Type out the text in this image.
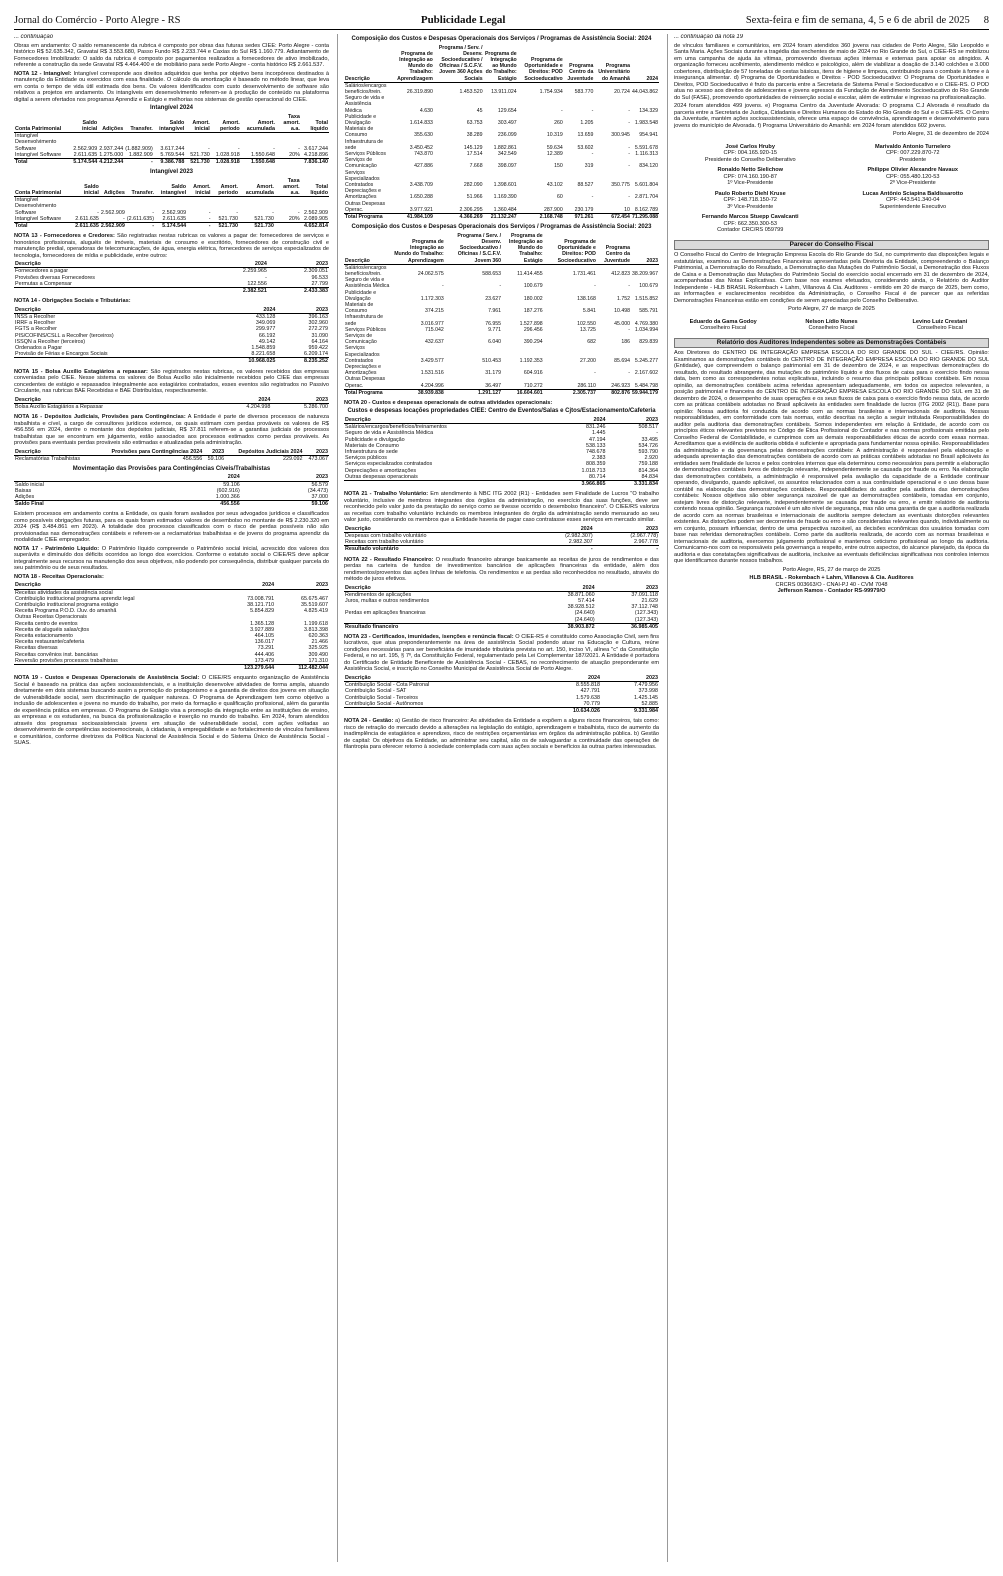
Jornal do Comércio - Porto Alegre - RS	Publicidade Legal	Sexta-feira e fim de semana, 4, 5 e 6 de abril de 2025 8
... continuação

Obras em andamento: O saldo remanescente da rubrica é composto por obras das futuras sedes CIEE: Porto Alegre - conta histórico R$ 52.635.342, Gravataí R$ 3.553.680, Passo Fundo R$ 2.233.744 e Caxias do Sul R$ 1.160.779. Adiantamento de Fornecedores Imobilizado: O saldo da rubrica é composto por pagamentos realizados a fornecedores de ativo imobilizado, referente a construção da sede Gravataí R$ 4.464.400 e de mobiliário para sede Porto Alegre - conta histórico R$ 2.661.537.

NOTA 12 - Intangível: Intangível corresponde aos direitos adquiridos que tenha por objetivo bens incorpóreos destinados à manutenção da Entidade ou exercidos com essa finalidade. O cálculo da amortização é baseado no método linear, que leva em conta o tempo de vida útil estimada dos bens. Os valores identificados com custo desenvolvimento de software são relativos a projetos em andamento. Os intangíveis em desenvolvimento referem-se à produção de conteúdo na plataforma digital a serem ofertados nos programas Aprendiz e Estágio e melhorias nos sistemas de gestão operacional do CIEE.

Intangível 2024
Conta Patrimonial	Saldo inicial	Adições	Transfer.	Saldo intangível	Amort. inicial	Amort. período	Amort. acumulada	Taxa amort. a.a.	Total líquido
Intangível Desenvolvimento Software	2.562.909	2.937.244	(1.882.909)	3.617.244	-	-	-	-	3.617.244
Intangível Software	2.611.635	1.275.000	1.882.909	5.769.544	521.730	1.028.918	1.550.648	20%	4.218.896
Total	5.174.544	4.212.244	-	9.386.788	521.730	1.028.918	1.550.648		7.836.140
Intangível 2023
Conta Patrimonial	Saldo inicial	Adições	Transfer.	Saldo intangível	Amort. inicial	Amort. período	Amort. acumulada	Taxa amort. a.a.	Total líquido
Intangível Desenvolvimento Software	-	2.562.909	-	2.562.909	-	-	-	-	2.562.909
Intangível Software	2.611.635	-	(2.611.635)	2.611.635	-	521.730	521.730	20%	2.089.905
Total	2.611.635	2.562.909	-	5.174.544	-	521.730	521.730		4.652.814

NOTA 13 - Fornecedores e Credores: São registradas nestas rubricas os valores a pagar de: fornecedores de serviços e honorários profissionais, aluguéis de imóveis, materiais de consumo e escritório, fornecedores de construção civil e manutenção predial, operadoras de telecomunicações, de água, energia elétrica, fornecedores de serviços especializados de tecnologia, fornecedores de mídia e publicidade, entre outros:

Descrição	2024	2023
Fornecedores a pagar	2.259.965	2.309.051
Provisões diversas Fornecedores	-	96.533
Permutas a Compensar	122.556	27.799
	2.382.521	2.433.383

NOTA 14 - Obrigações Sociais e Tributárias:

Descrição	2024	2023
INSS a Recolher	433.128	396.163
IRRF a Recolher	349.069	302.960
FGTS a Recolher	299.977	272.279
PIS/COFINS/CSLL a Recolher (terceiros)	66.192	31.090
ISSQN a Recolher (terceiros)	49.142	64.164
Ordenados a Pagar	1.548.859	959.422
Provisão de Férias e Encargos Sociais	8.221.658	6.209.174
	10.968.025	8.235.252

NOTA 15 - Bolsa Auxílio Estagiários a repassar: São registrados nestas rubricas, os valores recebidos das empresas conveniadas pelo CIEE. Nesse sistema os valores de Bolsa Auxílio são inicialmente recebidos pelo CIEE das empresas concedentes de estágio e repassados integralmente aos estagiários contratados, esses eventos são registrados no Passivo Circulante, nas rubricas BAE Recebidas e BAE Distribuídas, respectivamente.

Descrição	2024	2023
Bolsa Auxílio Estagiários a Repassar	4.204.998	5.286.700

NOTA 16 - Depósitos Judiciais, Provisões para Contingências: A Entidade é parte de diversos processos de natureza trabalhista e cível, a cargo de consultores jurídicos externos, os quais estimam com perdas prováveis os valores de R$ 456.556 em 2024, dentre o montante dos depósitos judiciais, R$ 37.811 referem-se a garantias judiciais de processos trabalhistas que se encontram em julgamento, estão associados aos processos estimados como perdas prováveis. As provisões para eventuais perdas prováveis são estimadas e atualizadas pela administração.

Descrição	Provisões para Contingências 2024	2023	Depósitos Judiciais 2024	2023
Reclamatórias Trabalhistas	456.556	59.106	229.092	473.067
Movimentação das Provisões para Contingências Cíveis/Trabalhistas
	2024	2023
Saldo inicial	59.106	56.579
Baixas	(602.916)	(34.473)
Adições	1.000.366	37.000
Saldo Final	456.556	59.106

Existem processos em andamento contra a Entidade, os quais foram avaliados por seus advogados jurídicos e classificados como possíveis obrigações futuras, para os quais foram estimados valores de desembolso no montante de R$ 2.230.320 em 2024 (R$ 3.484.861 em 2023). A totalidade dos processos classificados com o risco de perdas possíveis não são provisionadas nas demonstrações contábeis e referem-se a reclamatórias trabalhistas e de jovens do programa aprendiz da modalidade CIEE empregador.

NOTA 17 - Patrimônio Líquido: O Patrimônio líquido compreende o Patrimônio social inicial, acrescido dos valores dos superávits e diminuído dos déficits ocorridos ao longo dos exercícios. Conforme o estatuto social o CIEE/RS deve aplicar integralmente seus recursos na manutenção dos seus objetivos, não podendo por consequência, distribuir qualquer parcela do seu patrimônio ou de seus resultados.

NOTA 18 - Receitas Operacionais:

Descrição	2024	2023
Receitas atividades da assistência social		
Contribuição institucional programa aprendiz legal	73.008.791	65.675.467
Contribuição institucional programa estágio	38.121.710	35.519.607
Receita Programa P.O.D. /Juv. do amanhã	5.854.829	4.825.419
Outras Receitas Operacionais		
Receita centro de eventos	1.365.128	1.199.618
Receita de aluguéis salas/cjtos	3.927.889	3.813.398
Receita estacionamento	464.105	620.363
Receita restaurante/cafeteria	136.017	21.466
Receitas diversas	73.291	325.925
Receitas convênios inst. bancárias	444.406	309.490
Reversão provisões processos trabalhistas	173.479	171.310
	123.279.644	112.482.044

NOTA 19 - Custos e Despesas Operacionais de Assistência Social: O CIEE/RS enquanto organização de Assistência Social é baseado na prática das ações socioassistenciais, e a instituição desenvolve atividades de forma ampla, atuando diretamente em dois sistemas buscando assim a promoção do protagonismo e a garantia de direitos dos jovens em situação de vulnerabilidade social, sem discriminação de qualquer natureza. O Programa de Aprendizagem tem como objetivo a inclusão de adolescentes e jovens no mundo do trabalho, por meio da formação e qualificação profissional, além da garantia de experiência prática em empresas. O Programa de Estágio visa a promoção da integração entre as instituições de ensino, as empresas e os estudantes, na busca da profissionalização e inserção no mundo do trabalho. Em 2024, foram atendidos através dos programas socioassistenciais jovens em situação de vulnerabilidade social, com ações voltadas ao desenvolvimento de competências socioemocionais, à cidadania, à empregabilidade e ao fortalecimento de vínculos familiares e comunitários, conforme diretrizes da Política Nacional de Assistência Social e do Sistema Único de Assistência Social - SUAS.

Composição dos Custos e Despesas Operacionais dos Serviços / Programas de Assistência Social: 2024
Descrição	Programa de Integração ao Mundo do Trabalho: Aprendizagem	Programa / Serv. / Desenv. Socioeducativo / Oficinas / S.C.F.V. Jovem 360 Ações Sociais	Programa de Integração ao Mundo do Trabalho: Estágio	Programa de Oportunidade e Direitos: POD Socioeducativo	Programa Centro da Juventude	Programa Universitário do Amanhã	2024
Salários/encargos benefícios/trein.	26.319.890	1.453.520	13.911.024	1.754.934	583.770	20.724	44.043.862
Seguro de vida e Assistência Médica	4.630	45	129.654	-	-	-	134.329
Publicidade e Divulgação	1.614.833	63.753	303.497	260	1.205	-	1.983.548
Materiais de Consumo	355.630	38.289	236.099	10.319	13.659	300.945	954.941
Infraestrutura de sede	3.450.452	145.129	1.882.861	59.634	53.602	-	5.591.678
Serviços Públicos	743.870	17.514	342.549	12.389	-	-	1.116.313
Serviços de Comunicação	427.886	7.668	398.097	150	319	-	834.120
Serviços Especializados Contratados	3.438.709	282.090	1.398.601	43.102	88.527	350.775	5.601.804
Depreciações e Amortizações	1.650.288	51.966	1.169.390	60	-	-	2.871.704
Outras Despesas Operac.	3.977.921	2.306.295	1.360.484	287.900	230.179	10	8.162.789
Total Programa	41.984.109	4.366.269	21.132.247	2.168.748	971.261	672.454	71.295.088
Composição dos Custos e Despesas Operacionais dos Serviços / Programas de Assistência Social: 2023
Descrição	Programa de Integração ao Mundo do Trabalho: Aprendizagem	Programa / Serv. / Desenv. Socioeducativo / Oficinas / S.C.F.V. Jovem 360	Programa de Integração ao Mundo do Trabalho: Estágio	Programa de Oportunidade e Direitos: POD Socioeducativo	Programa Centro da Juventude	2023
Salários/encargos benefícios/trein.	24.062.575	588.653	11.414.455	1.731.461	412.823	38.209.967
Seguro de vida e Assistência Médica	-	-	100.679	-	-	100.679
Publicidade e Divulgação	1.172.303	23.627	180.002	138.168	1.752	1.515.852
Materiais de Consumo	374.215	7.961	187.276	5.841	10.498	585.791
Infraestrutura de sede	3.016.977	76.955	1.527.898	102.550	45.000	4.769.380
Serviços Públicos	715.042	9.771	296.456	13.725	-	1.034.994
Serviços de Comunicação	432.637	6.040	390.294	682	186	829.839
Serviços Especializados Contratados	3.429.577	510.453	1.192.353	27.200	85.694	5.245.277
Depreciações e Amortizações	1.531.516	31.179	604.916	-	-	2.167.602
Outras Despesas Operac.	4.204.996	36.497	710.272	286.110	246.923	5.484.798
Total Programa	38.939.838	1.291.127	16.604.601	2.305.737	802.876	59.944.179

NOTA 20 - Custos e despesas operacionais de outras atividades operacionais:

Custos e despesas locações propriedades CIEE: Centro de Eventos/Salas e Cjtos/Estacionamento/Cafeteria
Descrição	2024	2023
Salários/encargos/benefícios/treinamentos	831.246	508.517
Seguro de vida e Assistência Médica	1.445	-
Publicidade e divulgação	47.194	33.495
Materiais de Consumo	538.133	534.726
Infraestrutura de sede	748.678	593.790
Serviços públicos	2.383	2.920
Serviços especializados contratados	808.359	759.188
Depreciações e amortizações	1.018.713	814.364
Outras despesas operacionais	80.714	84.834
	3.966.865	3.331.834

NOTA 21 - Trabalho Voluntário: Em atendimento à NBC ITG 2002 (R1) - Entidades sem Finalidade de Lucros "O trabalho voluntário, inclusive de membros integrantes dos órgãos da administração, no exercício das suas funções, deve ser reconhecido pelo valor justo da prestação do serviço como se tivesse ocorrido o desembolso financeiro". O CIEE/RS valoriza as receitas com trabalho voluntário incluindo os membros integrantes do órgão da administração sendo mensurado ao seu valor justo, considerando os membros que a Entidade haveria de pagar caso contratasse esses serviços em mercado similar.

Descrição	2024	2023
Despesas com trabalho voluntário	(2.982.307)	(2.967.778)
Receitas com trabalho voluntário	2.982.307	2.967.778
Resultado voluntário	-	-

NOTA 22 - Resultado Financeiro: O resultado financeiro abrange basicamente as receitas de juros de rendimentos e das perdas na carteira de fundos de investimentos bancários de aplicações financeiras da entidade, além dos rendimentos/proventos das ações linhas de telefonia. Os rendimentos e as perdas são reconhecidos no resultado, através do método de juros efetivos.

Descrição	2024	2023
Rendimentos de aplicações	38.871.060	37.091.118
Juros, multas e outros rendimentos	57.414	21.629
	38.928.512	37.112.748
Perdas em aplicações financeiras	(24.640)	(127.343)
	(24.640)	(127.343)
Resultado financeiro	38.903.872	36.985.405

NOTA 23 - Certificados, imunidades, isenções e renúncia fiscal: O CIEE-RS é constituído como Associação Civil, sem fins lucrativos, que atua preponderantemente na área de assistência Social podendo atuar na Educação e Cultura, reúne condições necessárias para ser beneficiária de imunidade tributária prevista no art. 150, inciso VI, alínea "c" da Constituição Federal, e no art. 195, § 7º, da Constituição Federal, regulamentado pela Lei Complementar 187/2021. A Entidade é portadora do Certificado de Entidade Beneficente de Assistência Social - CEBAS, no reconhecimento de atuação preponderante em Assistência Social, e inscrição no Conselho Municipal de Assistência Social de Porto Alegre.

Descrição	2024	2023
Contribuição Social - Cota Patronal	8.555.818	7.479.956
Contribuição Social - SAT	427.791	373.998
Contribuição Social - Terceiros	1.579.638	1.425.145
Contribuição Social - Autônomos	70.779	52.885
	10.634.026	9.331.984

NOTA 24 - Gestão: a) Gestão de risco financeiro: As atividades da Entidade a expõem a alguns riscos financeiros, tais como: risco de retração do mercado devido a alterações na legislação do estágio, aprendizagem e trabalhista, risco de aumento da inadimplência de estagiários e aprendizes, risco de restrições orçamentárias em órgãos da administração pública. b) Gestão de capital: Os objetivos da Entidade, ao administrar seu capital, são os de salvaguardar a continuidade das operações de filantropia para oferecer retorno à sociedade contemplada com suas ações sociais e benefícios às outras partes interessadas.

... continuação da nota 19

de vínculos familiares e comunitários, em 2024 foram atendidos 360 jovens nas cidades de Porto Alegre, São Leopoldo e Santa Maria. Ações Sociais durante a tragédia das enchentes de maio de 2024 no Rio Grande do Sul, o CIEE-RS se mobilizou em uma campanha de ajuda às vítimas, promovendo diversas ações internas e externas para apoiar os atingidos. A organização forneceu acolhimento, atendimento médico e psicológico, além de viabilizar a doação de 3.140 colchões e 3.000 cobertores, distribuição de 57 toneladas de cestas básicas, itens de higiene e limpeza, contribuindo para o combate à fome e à insegurança alimentar. d) Programa de Oportunidades e Direitos - POD Socioeducativo: O Programa de Oportunidades e Direitos, POD Socioeducativo é fruto da parceria entre a Secretaria de Sistema Penal e Socioeducativo e o CIEE-RS. O POD atua no acesso aos direitos de adolescentes e jovens egressos da Fundação de Atendimento Socioeducativo do Rio Grande do Sul (FASE), promovendo oportunidades de reinserção social e escolar, além de estimular e ingresso na profissionalização.

2024 foram atendidos 499 jovens. e) Programa Centro da Juventude Alvorada: O programa C.J Alvorada é resultado da parceria entre a Secretaria de Justiça, Cidadania e Direitos Humanos do Estado do Rio Grande do Sul e o CIEE-RS. O Centro da Juventude, mantém ações socioassistenciais, oferece uma espaço de convivência, aprendizagem e desenvolvimento para jovens do município de Alvorada. f) Programa Universitário do Amanhã: em 2024 foram atendidos 602 jovens.

Porto Alegre, 31 de dezembro de 2024

José Carlos Hruby
CPF: 004.165.920-15
Presidente do Conselho Deliberativo
Marivaldo Antonio Turnelero
CPF: 007.229.870-72
Presidente
Ronaldo Netto Sielichow
CPF: 074.160.190-87
1º Vice-Presidente
Philippe Olivier Alexandre Navaux
CPF: 055.480.120-53
2º Vice-Presidente
Paulo Roberto Diehl Kruse
CPF: 148.718.150-72
3º Vice-Presidente
Lucas Antônio Sciapina Baldissarotto
CPF: 443.541.340-04
Superintendente Executivo
Fernando Marcos Stuepp Cavalcanti
CPF: 662.350.300-53
Contador CRC/RS 059799
Parecer do Conselho Fiscal

O Conselho Fiscal do Centro de Integração Empresa Escola do Rio Grande do Sul, no cumprimento das disposições legais e estatutárias, examinou as Demonstrações Financeiras apresentadas pela Diretoria da Entidade, compreendendo o Balanço Patrimonial, a Demonstração do Resultado, a Demonstração das Mutações do Patrimônio Social, a Demonstração dos Fluxos de Caixa e a Demonstração das Mutações do Patrimônio Social do exercício social encerrado em 31 de dezembro de 2024, acompanhadas das Notas Explicativas. Com base nos exames efetuados, considerando ainda, o Relatório do Auditor Independente - HLB BRASIL Rokembach + Lahm, Villanova & Cia. Auditores - emitido em 20 de março de 2025, bem como, as informações e esclarecimentos recebidos da Administração, o Conselho Fiscal é de parecer que as referidas Demonstrações Financeiras estão em condições de serem apreciadas pelo Conselho Deliberativo.

Porto Alegre, 27 de março de 2025

Eduardo da Gama Godoy
Conselheiro Fiscal
Nelson Lídio Nunes
Conselheiro Fiscal
Levino Luiz Crestani
Conselheiro Fiscal
Relatório dos Auditores Independentes sobre as Demonstrações Contábeis

Aos Diretores do CENTRO DE INTEGRAÇÃO EMPRESA ESCOLA DO RIO GRANDE DO SUL - CIEE/RS. Opinião: Examinamos as demonstrações contábeis do CENTRO DE INTEGRAÇÃO EMPRESA ESCOLA DO RIO GRANDE DO SUL (Entidade), que compreendem o balanço patrimonial em 31 de dezembro de 2024, e as respectivas demonstrações do resultado, do resultado abrangente, das mutações do patrimônio líquido e dos fluxos de caixa para o exercício findo nessa data, bem como as correspondentes notas explicativas, incluindo o resumo das principais políticas contábeis. Em nossa opinião, as demonstrações contábeis acima referidas apresentam adequadamente, em todos os aspectos relevantes, a posição patrimonial e financeira do CENTRO DE INTEGRAÇÃO EMPRESA ESCOLA DO RIO GRANDE DO SUL em 31 de dezembro de 2024, o desempenho de suas operações e os seus fluxos de caixa para o exercício findo nessa data, de acordo com as práticas contábeis adotadas no Brasil aplicáveis às entidades sem finalidade de lucros (ITG 2002 (R1)). Base para opinião: Nossa auditoria foi conduzida de acordo com as normas brasileiras e internacionais de auditoria. Nossas responsabilidades, em conformidade com tais normas, estão descritas na seção a seguir intitulada Responsabilidades do auditor pela auditoria das demonstrações contábeis. Somos independentes em relação à Entidade, de acordo com os princípios éticos relevantes previstos no Código de Ética Profissional do Contador e nas normas profissionais emitidas pelo Conselho Federal de Contabilidade, e cumprimos com as demais responsabilidades éticas de acordo com essas normas. Acreditamos que a evidência de auditoria obtida é suficiente e apropriada para fundamentar nossa opinião. Responsabilidades da administração e da governança pelas demonstrações contábeis: A administração é responsável pela elaboração e adequada apresentação das demonstrações contábeis de acordo com as práticas contábeis adotadas no Brasil aplicáveis às entidades sem finalidade de lucros e pelos controles internos que ela determinou como necessários para permitir a elaboração de demonstrações contábeis livres de distorção relevante, independentemente se causada por fraude ou erro. Na elaboração das demonstrações contábeis, a administração é responsável pela avaliação da capacidade de a Entidade continuar operando, divulgando, quando aplicável, os assuntos relacionados com a sua continuidade operacional e o uso dessa base contábil na elaboração das demonstrações contábeis. Responsabilidades do auditor pela auditoria das demonstrações contábeis: Nossos objetivos são obter segurança razoável de que as demonstrações contábeis, tomadas em conjunto, estejam livres de distorção relevante, independentemente se causada por fraude ou erro, e emitir relatório de auditoria contendo nossa opinião. Segurança razoável é um alto nível de segurança, mas não uma garantia de que a auditoria realizada de acordo com as normas brasileiras e internacionais de auditoria sempre detectam as eventuais distorções relevantes existentes. As distorções podem ser decorrentes de fraude ou erro e são consideradas relevantes quando, individualmente ou em conjunto, possam influenciar, dentro de uma perspectiva razoável, as decisões econômicas dos usuários tomadas com base nas referidas demonstrações contábeis. Como parte da auditoria realizada, de acordo com as normas brasileiras e internacionais de auditoria, exercemos julgamento profissional e mantemos ceticismo profissional ao longo da auditoria. Comunicamo-nos com os responsáveis pela governança a respeito, entre outros aspectos, do alcance planejado, da época da auditoria e das constatações significativas de auditoria, inclusive as eventuais deficiências significativas nos controles internos que identificamos durante nossos trabalhos.

Porto Alegre, RS, 27 de março de 2025

HLB BRASIL - Rokembach + Lahm, Villanova & Cia. Auditores
CRCRS 003663/O - CNAI-PJ 40 - CVM 7048
Jefferson Ramos - Contador RS-99979/O
